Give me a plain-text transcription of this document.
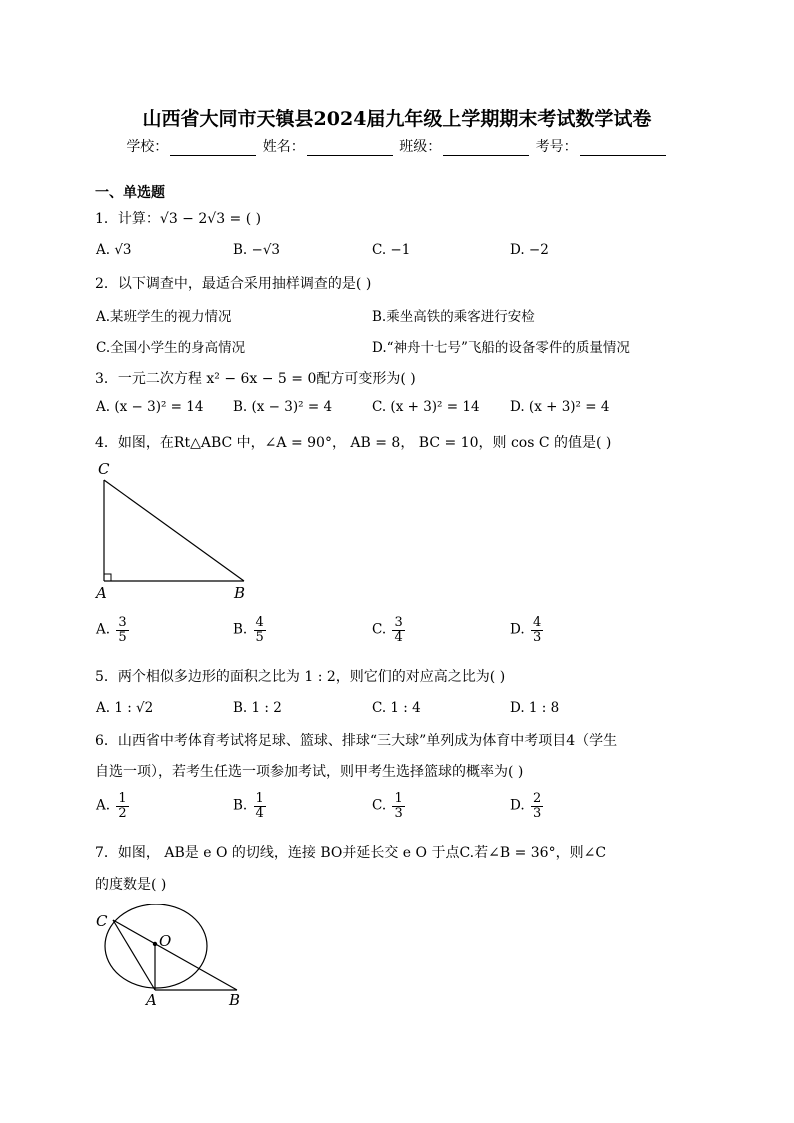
山西省大同市天镇县2024届九年级上学期期末考试数学试卷
学校：	姓名：	班级：	考号：
一、单选题
1．计算：√3 − 2√3 = ( )
A. √3	B. −√3	C. −1	D. −2
2．以下调查中，最适合采用抽样调查的是( )
A.某班学生的视力情况	B.乘坐高铁的乘客进行安检
C.全国小学生的身高情况	D.“神舟十七号”飞船的设备零件的质量情况
3．一元二次方程 x² − 6x − 5 = 0配方可变形为( )
A. (x − 3)² = 14 B. (x − 3)² = 4	C. (x + 3)² = 14 D. (x + 3)² = 4
4．如图，在Rt△ABC 中，∠A = 90°， AB = 8， BC = 10，则 cos C 的值是( )
C
A	B
A. $\frac{3}{5}$	B. $\frac{4}{5}$	C. $\frac{3}{4}$	D. $\frac{4}{3}$
5．两个相似多边形的面积之比为 1 : 2，则它们的对应高之比为( )
A. 1 : √2	B. 1 : 2	C. 1 : 4	D. 1 : 8
6．山西省中考体育考试将足球、篮球、排球“三大球”单列成为体育中考项目4（学生
自选一项），若考生任选一项参加考试，则甲考生选择篮球的概率为( )
A. $\frac{1}{2}$	B. $\frac{1}{4}$	C. $\frac{1}{3}$	D. $\frac{2}{3}$
7．如图， AB是 e O 的切线，连接 BO并延长交 e O 于点C.若∠B = 36°，则∠C
的度数是( )
C
O
A	B
